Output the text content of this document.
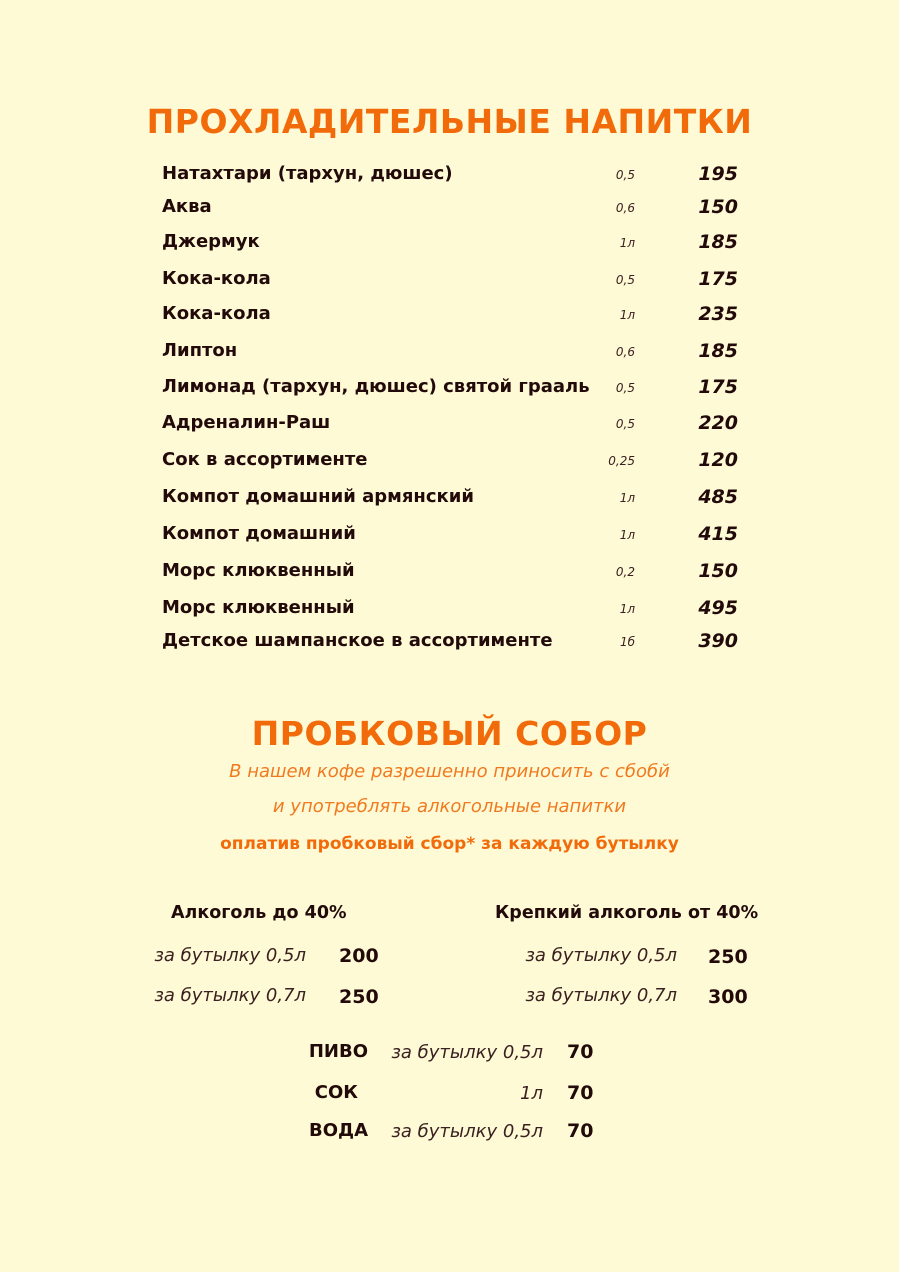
ПРОХЛАДИТЕЛЬНЫЕ НАПИТКИ
Натахтари (тархун, дюшес)	0,5	195
Аква	0,6	150
Джермук	1л	185
Кока-кола	0,5	175
Кока-кола	1л	235
Липтон	0,6	185
Лимонад (тархун, дюшес) святой грааль	0,5	175
Адреналин-Раш	0,5	220
Сок в ассортименте	0,25	120
Компот домашний армянский	1л	485
Компот домашний	1л	415
Морс клюквенный	0,2	150
Морс клюквенный	1л	495
Детское шампанское в ассортименте	1б	390
ПРОБКОВЫЙ СОБОР
В нашем кофе разрешенно приносить с сбобй
и употреблять алкогольные напитки
оплатив пробковый сбор* за каждую бутылку
Алкоголь до 40%
за бутылку 0,5л 200
за бутылку 0,7л 250
Крепкий алкоголь от 40%
за бутылку 0,5л 250
за бутылку 0,7л 300
ПИВО	за бутылку 0,5л 70
СОК	1л 70
ВОДА	за бутылку 0,5л 70
